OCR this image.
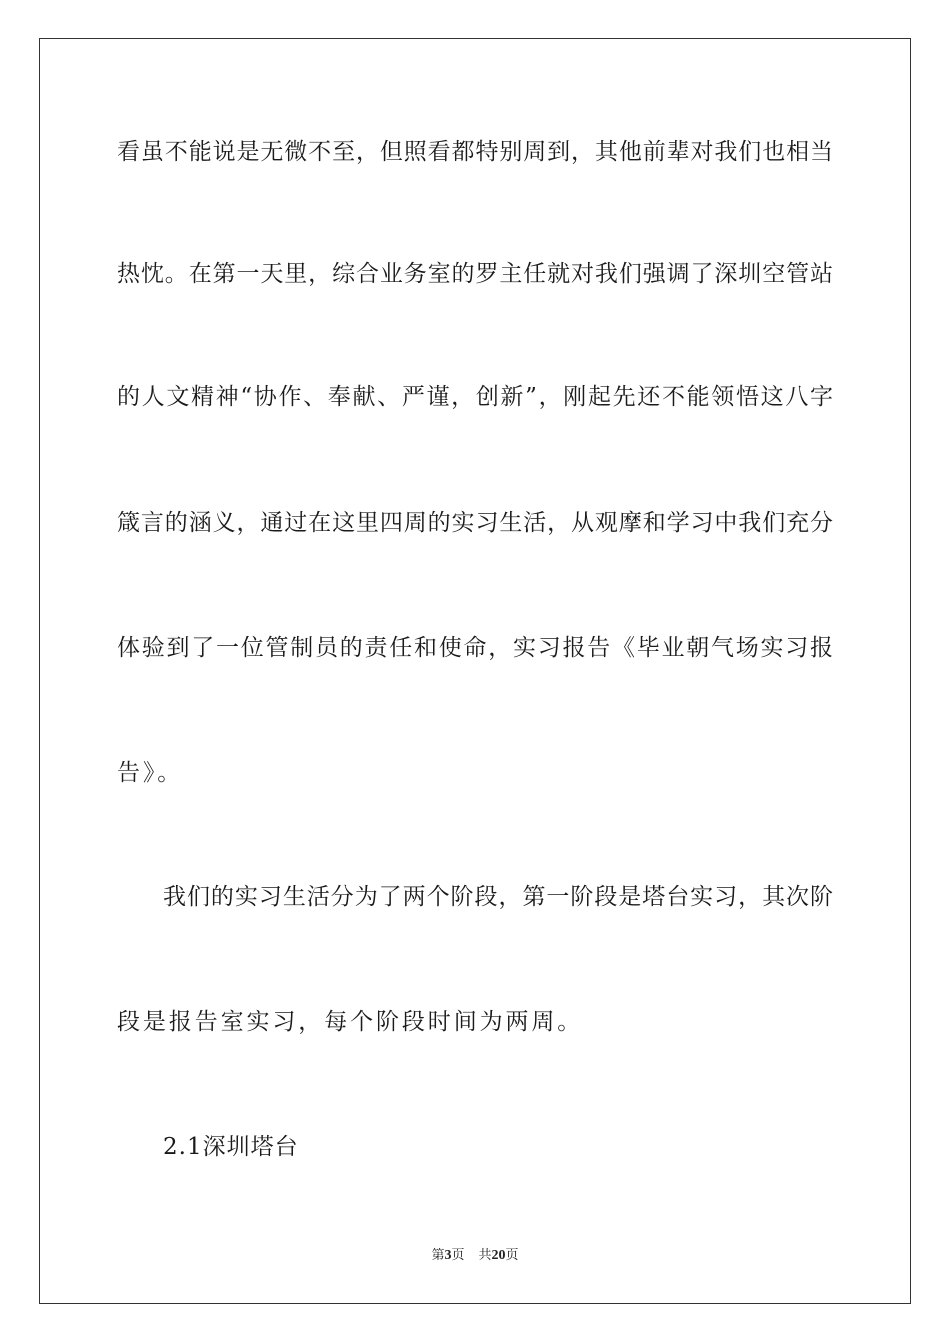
看虽不能说是无微不至，但照看都特别周到，其他前辈对我们也相当
热忱。在第一天里，综合业务室的罗主任就对我们强调了深圳空管站
的人文精神“协作、奉献、严谨，创新”，刚起先还不能领悟这八字
箴言的涵义，通过在这里四周的实习生活，从观摩和学习中我们充分
体验到了一位管制员的责任和使命，实习报告《毕业朝气场实习报
告》。
我们的实习生活分为了两个阶段，第一阶段是塔台实习，其次阶
段是报告室实习，每个阶段时间为两周。
2.1深圳塔台
第3页 共20页
